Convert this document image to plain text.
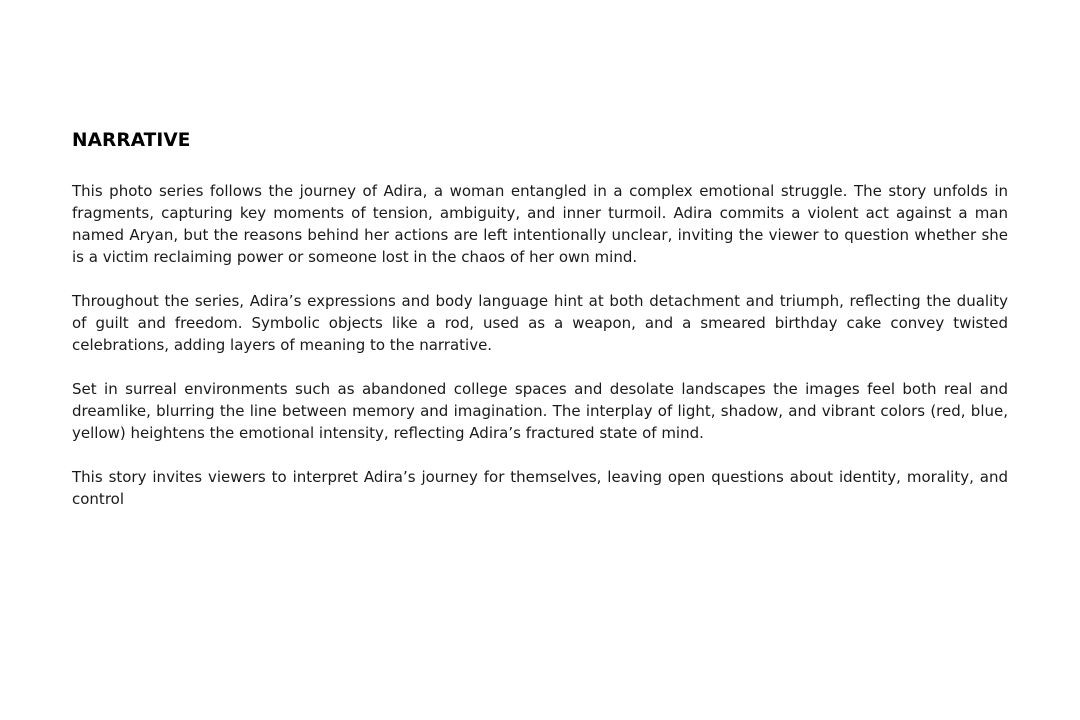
NARRATIVE

This photo series follows the journey of Adira, a woman entangled in a complex emotional struggle. The story unfolds in fragments, capturing key moments of tension, ambiguity, and inner turmoil. Adira commits a violent act against a man named Aryan, but the reasons behind her actions are left intentionally unclear, inviting the viewer to question whether she is a victim reclaiming power or someone lost in the chaos of her own mind.

Throughout the series, Adira’s expressions and body language hint at both detachment and triumph, reflecting the duality of guilt and freedom. Symbolic objects like a rod, used as a weapon, and a smeared birthday cake convey twisted celebrations, adding layers of meaning to the narrative.

Set in surreal environments such as abandoned college spaces and desolate landscapes the images feel both real and dreamlike, blurring the line between memory and imagination. The interplay of light, shadow, and vibrant colors (red, blue, yellow) heightens the emotional intensity, reflecting Adira’s fractured state of mind.

This story invites viewers to interpret Adira’s journey for themselves, leaving open questions about identity, morality, and control
